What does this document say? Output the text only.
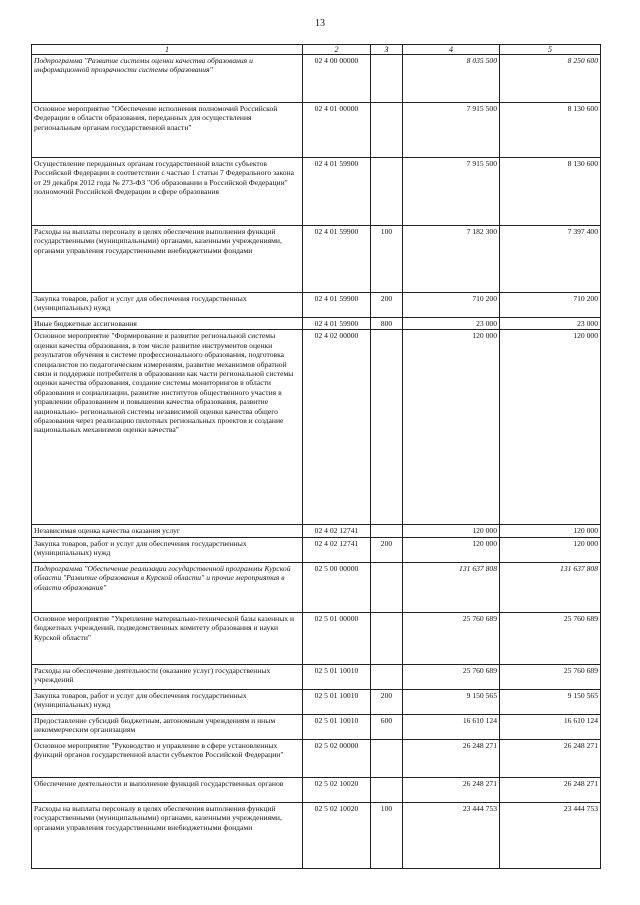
13
1	2	3	4	5
Подпрограмма "Развитие системы оценки качества образования и информационной прозрачности системы образования"	02 4 00 00000		8 035 500	8 250 600
Основное мероприятие "Обеспечение исполнения полномочий Российской Федерации в области образования, переданных для осуществления региональным органам государственной власти"	02 4 01 00000		7 915 500	8 130 600
Осуществление переданных органам государственной власти субъектов Российской Федерации в соответствии с частью 1 статьи 7 Федерального закона от 29 декабря 2012 года № 273-ФЗ "Об образовании в Российской Федерации" полномочий Российской Федерации в сфере образования	02 4 01 59900		7 915 500	8 130 600
Расходы на выплаты персоналу в целях обеспечения выполнения функций государственными (муниципальными) органами, казенными учреждениями, органами управления государственными внебюджетными фондами	02 4 01 59900	100	7 182 300	7 397 400
Закупка товаров, работ и услуг для обеспечения государственных (муниципальных) нужд	02 4 01 59900	200	710 200	710 200
Иные бюджетные ассигнования	02 4 01 59900	800	23 000	23 000
Основное мероприятие "Формирование и развитие региональной системы оценки качества образования, в том числе развитие инструментов оценки результатов обучения в системе профессионального образования, подготовка специалистов по педагогическим измерениям, развитие механизмов обратной связи и поддержки потребителя в образовании как части региональной системы оценки качества образования, создание системы мониторингов в области образования и социализации, развитие институтов общественного участия в управлении образованием и повышении качества образования, развитие национально- региональной системы независимой оценки качества общего образования через реализацию пилотных региональных проектов и создание национальных механизмов оценки качества"	02 4 02 00000		120 000	120 000
Независимая оценка качества оказания услуг	02 4 02 12741		120 000	120 000
Закупка товаров, работ и услуг для обеспечения государственных (муниципальных) нужд	02 4 02 12741	200	120 000	120 000
Подпрограмма "Обеспечение реализации государственной программы Курской области "Развитие образования в Курской области" и прочие мероприятия в области образования"	02 5 00 00000		131 637 808	131 637 808
Основное мероприятие "Укрепление материально-технической базы казенных и бюджетных учреждений, подведомственных комитету образования и науки Курской области"	02 5 01 00000		25 760 689	25 760 689
Расходы на обеспечение деятельности (оказание услуг) государственных учреждений	02 5 01 10010		25 760 689	25 760 689
Закупка товаров, работ и услуг для обеспечения государственных (муниципальных) нужд	02 5 01 10010	200	9 150 565	9 150 565
Предоставление субсидий бюджетным, автономным учреждениям и иным некоммерческим организациям	02 5 01 10010	600	16 610 124	16 610 124
Основное мероприятие "Руководство и управление в сфере установленных функций органов государственной власти субъектов Российской Федерации"	02 5 02 00000		26 248 271	26 248 271
Обеспечение деятельности и выполнение функций государственных органов	02 5 02 10020		26 248 271	26 248 271
Расходы на выплаты персоналу в целях обеспечения выполнения функций государственными (муниципальными) органами, казенными учреждениями, органами управления государственными внебюджетными фондами	02 5 02 10020	100	23 444 753	23 444 753
